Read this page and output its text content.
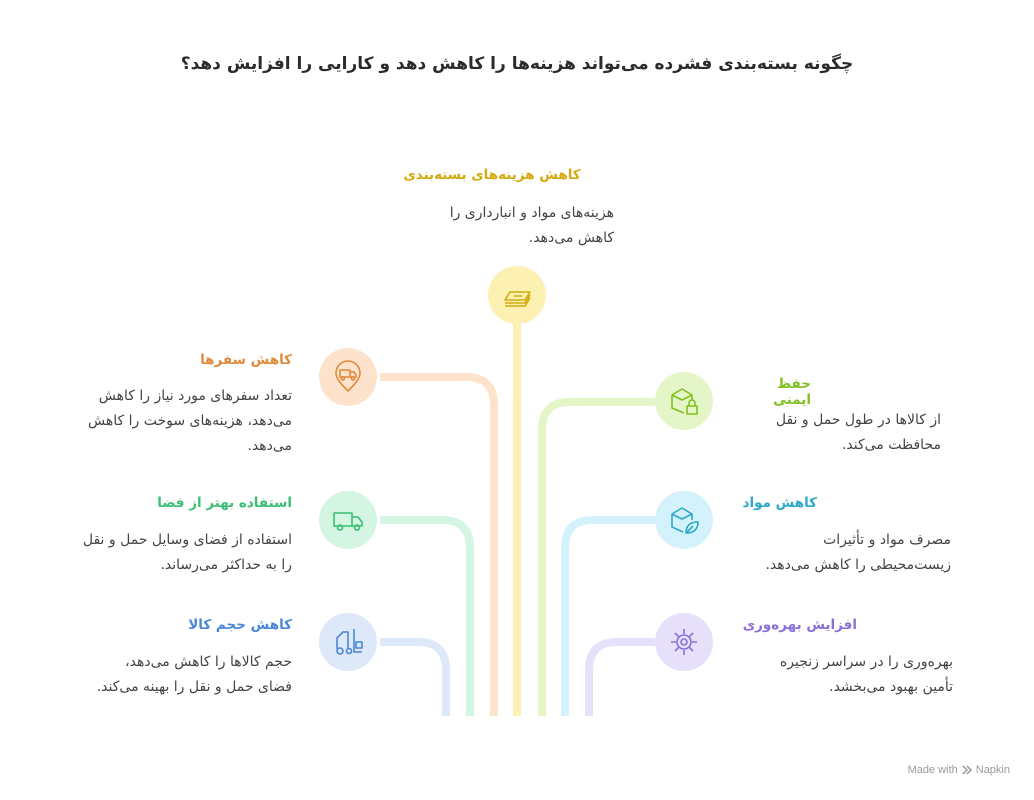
چگونه بسته‌بندی فشرده می‌تواند هزینه‌ها را کاهش دهد و کارایی را افزایش دهد؟
کاهش هزینه‌های بسته‌بندی
هزینه‌های مواد و انبارداری را
کاهش می‌دهد.
کاهش سفرها
تعداد سفرهای مورد نیاز را کاهش
می‌دهد، هزینه‌های سوخت را کاهش
می‌دهد.
استفاده بهتر از فضا
استفاده از فضای وسایل حمل و نقل
را به حداکثر می‌رساند.
کاهش حجم کالا
حجم کالاها را کاهش می‌دهد،
فضای حمل و نقل را بهینه می‌کند.
حفظ ایمنی
از کالاها در طول حمل و نقل
محافظت می‌کند.
کاهش مواد
مصرف مواد و تأثیرات
زیست‌محیطی را کاهش می‌دهد.
افزایش بهره‌وری
بهره‌وری را در سراسر زنجیره
تأمین بهبود می‌بخشد.
Made with Napkin
